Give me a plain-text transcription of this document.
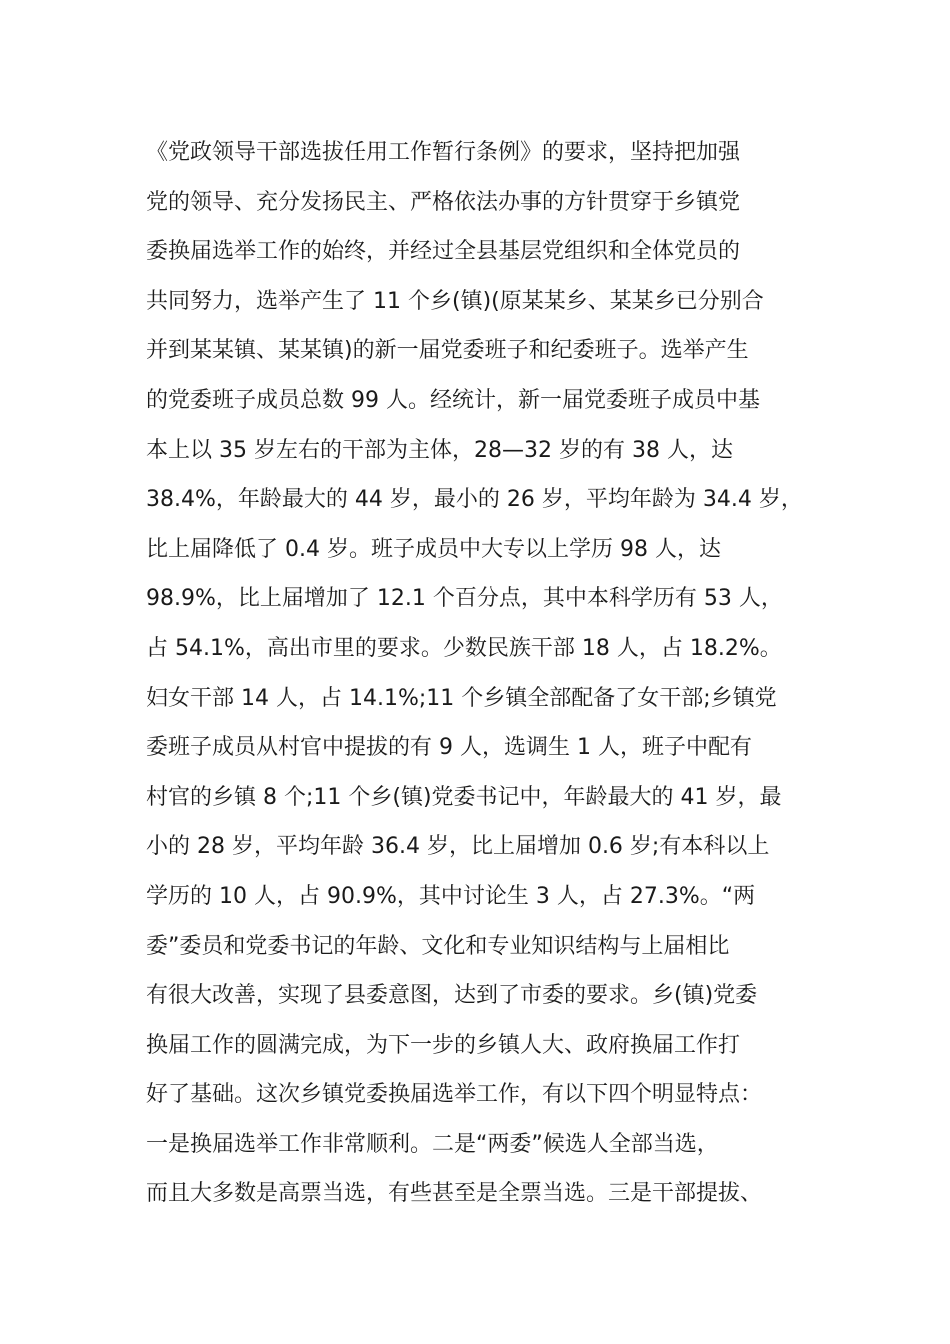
《党政领导干部选拔任用工作暂行条例》的要求，坚持把加强
党的领导、充分发扬民主、严格依法办事的方针贯穿于乡镇党
委换届选举工作的始终，并经过全县基层党组织和全体党员的
共同努力，选举产生了 11 个乡(镇)(原某某乡、某某乡已分别合
并到某某镇、某某镇)的新一届党委班子和纪委班子。选举产生
的党委班子成员总数 99 人。经统计，新一届党委班子成员中基
本上以 35 岁左右的干部为主体，28—32 岁的有 38 人，达
38.4%，年龄最大的 44 岁，最小的 26 岁，平均年龄为 34.4 岁，
比上届降低了 0.4 岁。班子成员中大专以上学历 98 人，达
98.9%，比上届增加了 12.1 个百分点，其中本科学历有 53 人，
占 54.1%，高出市里的要求。少数民族干部 18 人，占 18.2%。
妇女干部 14 人，占 14.1%;11 个乡镇全部配备了女干部;乡镇党
委班子成员从村官中提拔的有 9 人，选调生 1 人，班子中配有
村官的乡镇 8 个;11 个乡(镇)党委书记中，年龄最大的 41 岁，最
小的 28 岁，平均年龄 36.4 岁，比上届增加 0.6 岁;有本科以上
学历的 10 人，占 90.9%，其中讨论生 3 人，占 27.3%。“两
委”委员和党委书记的年龄、文化和专业知识结构与上届相比
有很大改善，实现了县委意图，达到了市委的要求。乡(镇)党委
换届工作的圆满完成，为下一步的乡镇人大、政府换届工作打
好了基础。这次乡镇党委换届选举工作，有以下四个明显特点：
一是换届选举工作非常顺利。二是“两委”候选人全部当选，
而且大多数是高票当选，有些甚至是全票当选。三是干部提拔、
